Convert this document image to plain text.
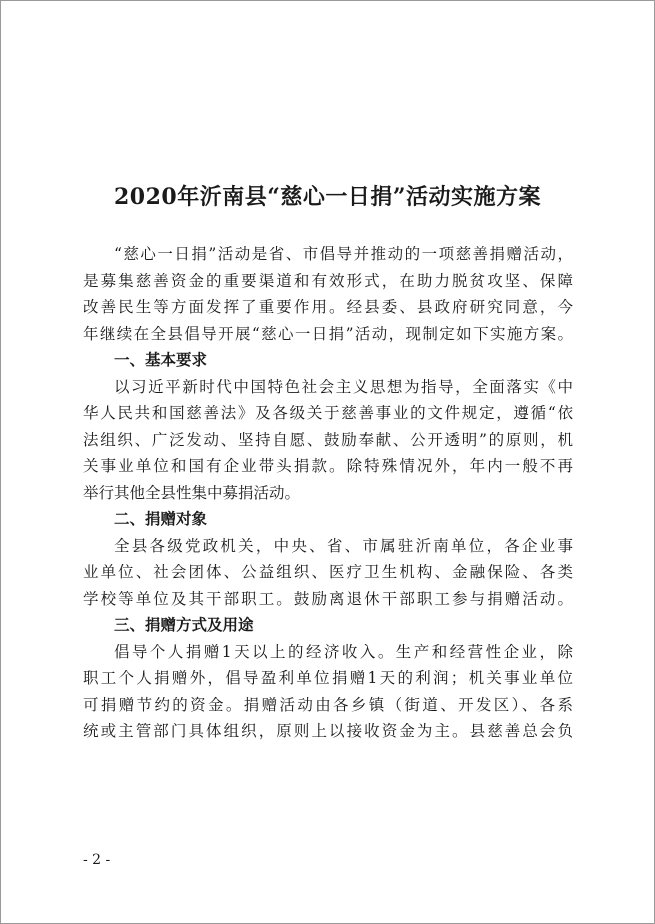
2020年沂南县“慈心一日捐”活动实施方案
“慈心一日捐”活动是省、市倡导并推动的一项慈善捐赠活动，
是募集慈善资金的重要渠道和有效形式，在助力脱贫攻坚、保障
改善民生等方面发挥了重要作用。经县委、县政府研究同意，今
年继续在全县倡导开展“慈心一日捐”活动，现制定如下实施方案。
一、基本要求
以习近平新时代中国特色社会主义思想为指导，全面落实《中
华人民共和国慈善法》及各级关于慈善事业的文件规定，遵循“依
法组织、广泛发动、坚持自愿、鼓励奉献、公开透明”的原则，机
关事业单位和国有企业带头捐款。除特殊情况外，年内一般不再
举行其他全县性集中募捐活动。
二、捐赠对象
全县各级党政机关，中央、省、市属驻沂南单位，各企业事
业单位、社会团体、公益组织、医疗卫生机构、金融保险、各类
学校等单位及其干部职工。鼓励离退休干部职工参与捐赠活动。
三、捐赠方式及用途
倡导个人捐赠1天以上的经济收入。生产和经营性企业，除
职工个人捐赠外，倡导盈利单位捐赠1天的利润；机关事业单位
可捐赠节约的资金。捐赠活动由各乡镇（街道、开发区）、各系
统或主管部门具体组织，原则上以接收资金为主。县慈善总会负
- 2 -
